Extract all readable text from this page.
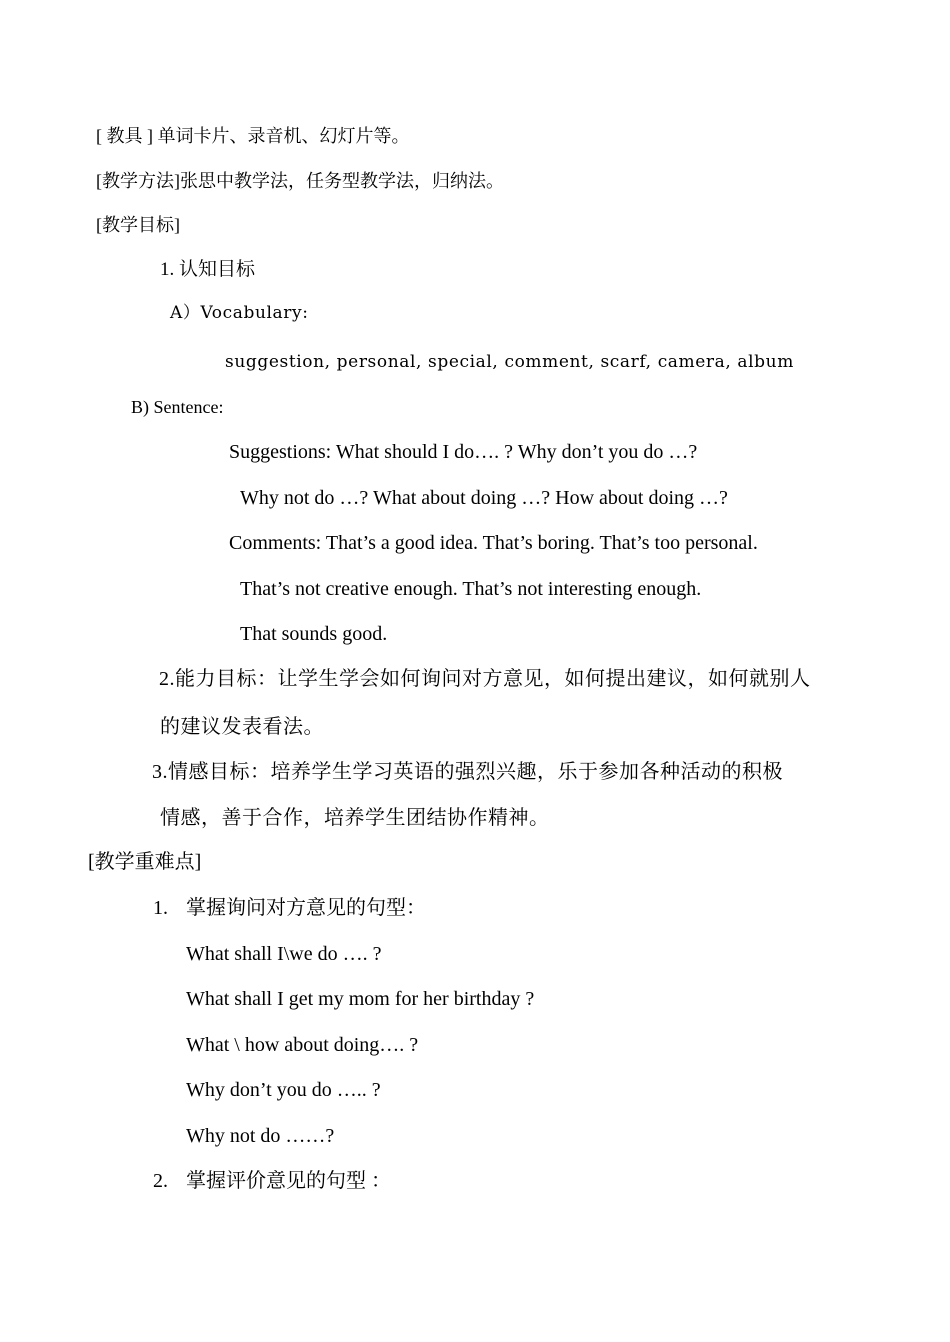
[ 教具 ] 单词卡片、录音机、幻灯片等。
[教学方法]张思中教学法，任务型教学法，归纳法。
[教学目标]
1. 认知目标
A）Vocabulary:
suggestion, personal, special, comment, scarf, camera, album
B) Sentence:
Suggestions: What should I do…. ? Why don’t you do …?
Why not do …? What about doing …? How about doing …?
Comments: That’s a good idea. That’s boring. That’s too personal.
That’s not creative enough. That’s not interesting enough.
That sounds good.
2.能力目标：让学生学会如何询问对方意见，如何提出建议，如何就别人
的建议发表看法。
3.情感目标：培养学生学习英语的强烈兴趣，乐于参加各种活动的积极
情感，善于合作，培养学生团结协作精神。
[教学重难点]
1. 掌握询问对方意见的句型：
What shall I\we do …. ?
What shall I get my mom for her birthday ?
What \ how about doing…. ?
Why don’t you do ….. ?
Why not do ……?
2. 掌握评价意见的句型 ：
